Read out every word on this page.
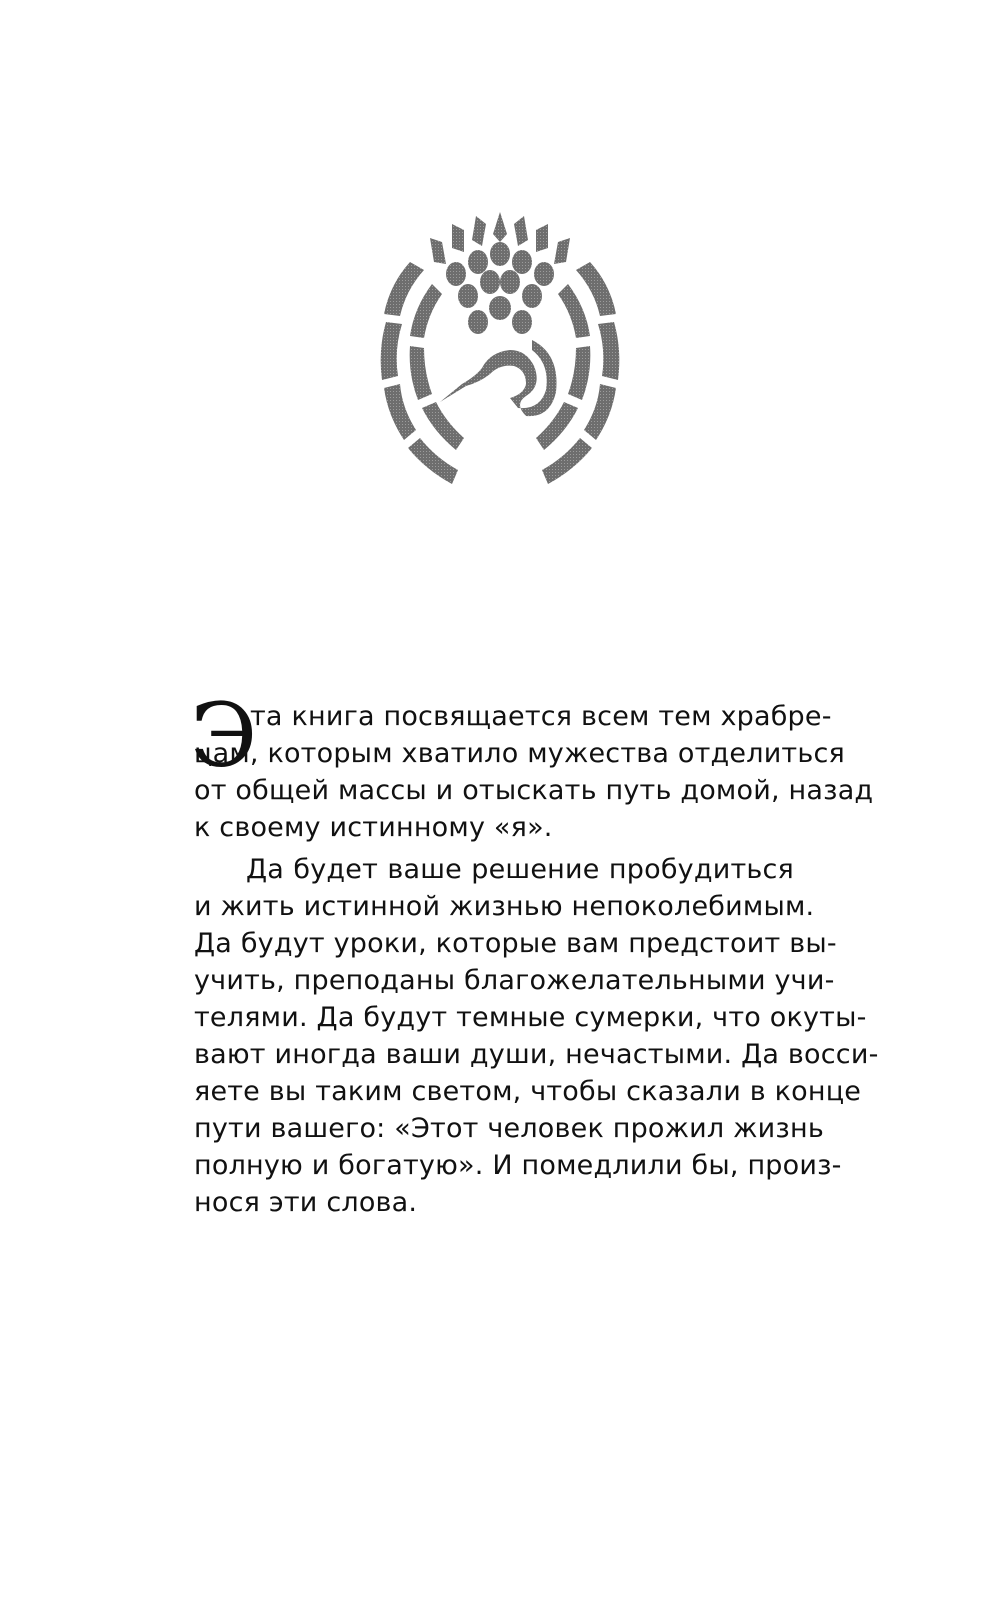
Э
та книга посвящается всем тем храбре-
цам, которым хватило мужества отделиться
от общей массы и отыскать путь домой, назад
к своему истинному «я».
Да будет ваше решение пробудиться
и жить истинной жизнью непоколебимым.
Да будут уроки, которые вам предстоит вы-
учить, преподаны благожелательными учи-
телями. Да будут темные сумерки, что окуты-
вают иногда ваши души, нечастыми. Да восси-
яете вы таким светом, чтобы сказали в конце
пути вашего: «Этот человек прожил жизнь
полную и богатую». И помедлили бы, произ-
нося эти слова.
